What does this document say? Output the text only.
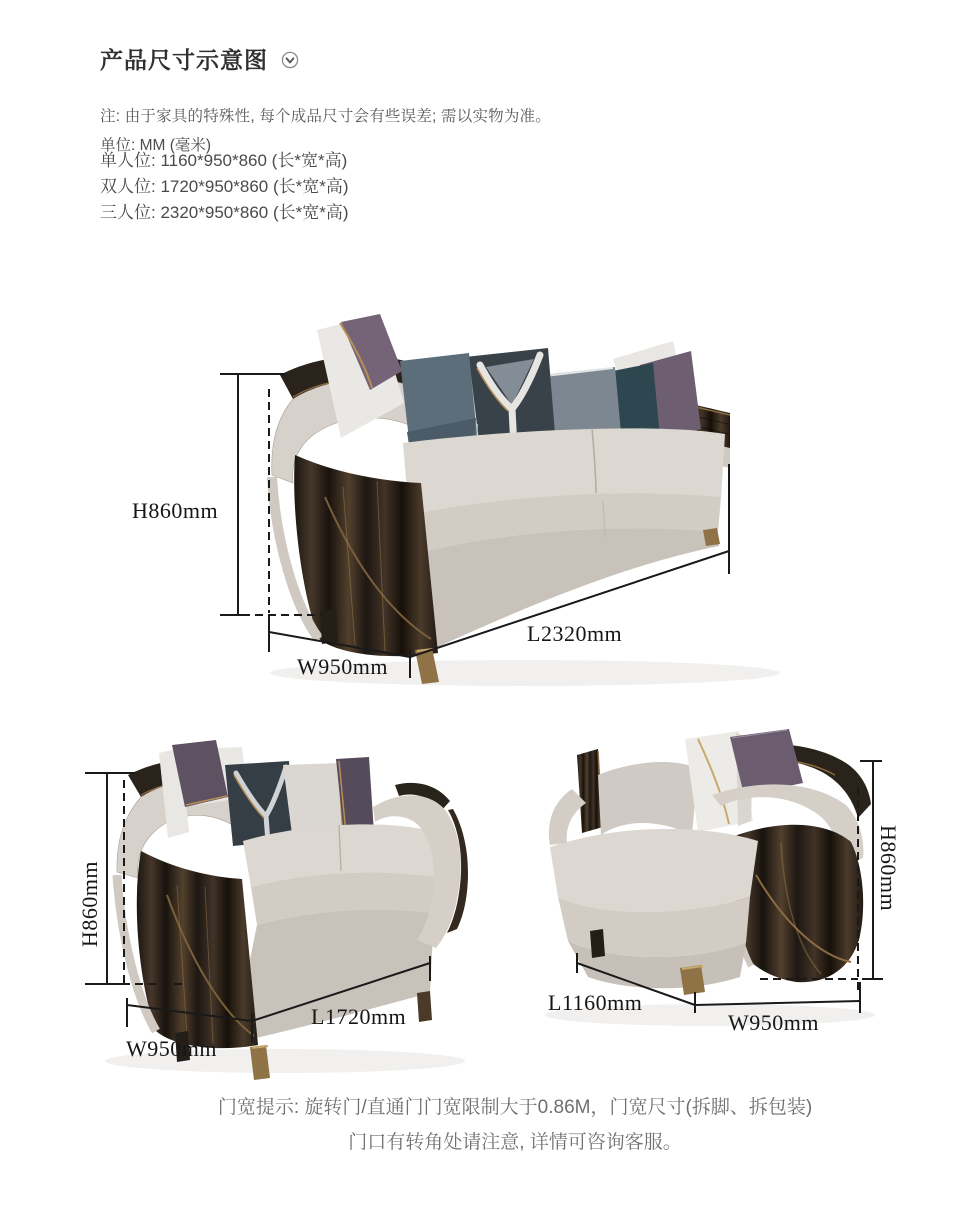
产品尺寸示意图

注: 由于家具的特殊性, 每个成品尺寸会有些误差; 需以实物为准。

单位: MM (毫米)

单人位: 1160*950*860 (长*宽*高)

双人位: 1720*950*860 (长*宽*高)

三人位: 2320*950*860 (长*宽*高)

H860mm
W950mm
L2320mm
H860mm
W950mm
L1720mm
L1160mm
W950mm
H860mm

门宽提示: 旋转门/直通门门宽限制大于0.86M，门宽尺寸(拆脚、拆包装)

门口有转角处请注意, 详情可咨询客服。
